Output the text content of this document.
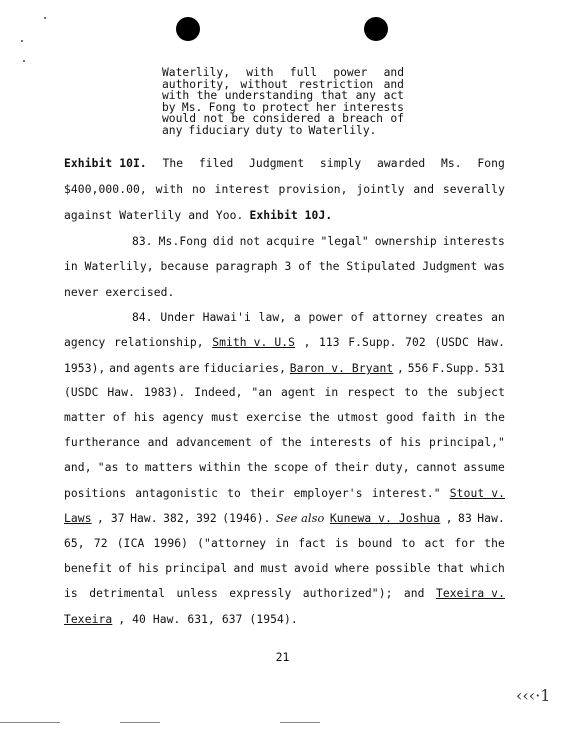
Waterlily, with full power and
authority, without restriction and
with the understanding that any act
by Ms. Fong to protect her interests
would not be considered a breach of
any fiduciary duty to Waterlily.
Exhibit 10I. The filed Judgment simply awarded Ms. Fong
$400,000.00, with no interest provision, jointly and severally
against Waterlily and Yoo. Exhibit 10J.
83. Ms.Fong did not acquire "legal" ownership interests
in Waterlily, because paragraph 3 of the Stipulated Judgment was
never exercised.
84. Under Hawai'i law, a power of attorney creates an
agency relationship, Smith v. U.S , 113 F.Supp. 702 (USDC Haw.
1953), and agents are fiduciaries, Baron v. Bryant , 556 F.Supp. 531
(USDC Haw. 1983). Indeed, "an agent in respect to the subject
matter of his agency must exercise the utmost good faith in the
furtherance and advancement of the interests of his principal,"
and, "as to matters within the scope of their duty, cannot assume
positions antagonistic to their employer's interest." Stout v.
Laws , 37 Haw. 382, 392 (1946). See also Kunewa v. Joshua , 83 Haw.
65, 72 (ICA 1996) ("attorney in fact is bound to act for the
benefit of his principal and must avoid where possible that which
is detrimental unless expressly authorized"); and Texeira v.
Texeira , 40 Haw. 631, 637 (1954).
21
‹‹‹·1
